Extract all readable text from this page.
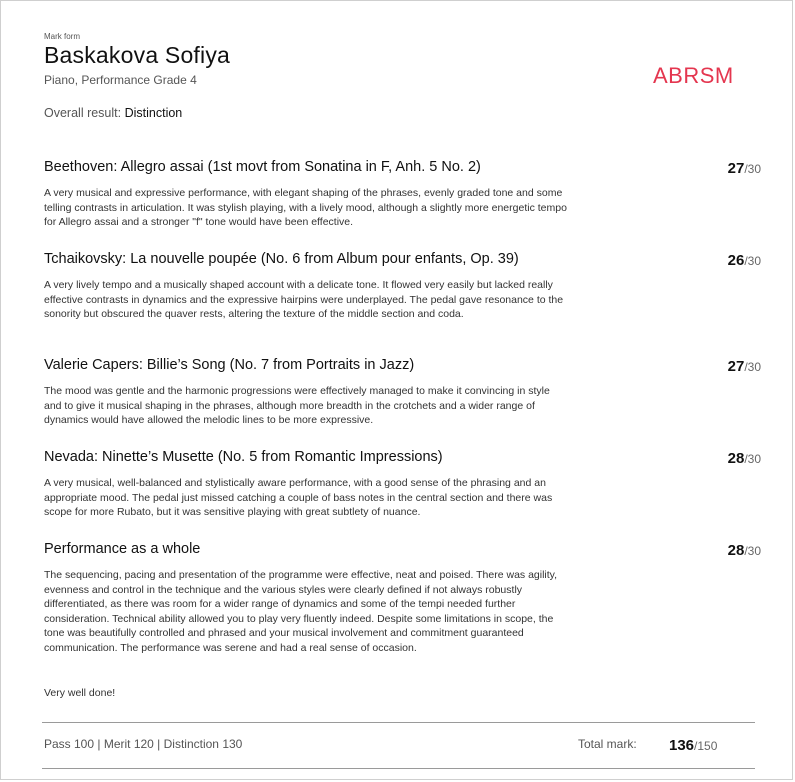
Mark form
Baskakova Sofiya
Piano, Performance Grade 4	ABRSM
Overall result: Distinction
Beethoven: Allegro assai (1st movt from Sonatina in F, Anh. 5 No. 2)	27/30
A very musical and expressive performance, with elegant shaping of the phrases, evenly graded tone and some telling contrasts in articulation. It was stylish playing, with a lively mood, although a slightly more energetic tempo for Allegro assai and a stronger "f" tone would have been effective.
Tchaikovsky: La nouvelle poupée (No. 6 from Album pour enfants, Op. 39)	26/30
A very lively tempo and a musically shaped account with a delicate tone. It flowed very easily but lacked really effective contrasts in dynamics and the expressive hairpins were underplayed. The pedal gave resonance to the sonority but obscured the quaver rests, altering the texture of the middle section and coda.
Valerie Capers: Billie’s Song (No. 7 from Portraits in Jazz)	27/30
The mood was gentle and the harmonic progressions were effectively managed to make it convincing in style and to give it musical shaping in the phrases, although more breadth in the crotchets and a wider range of dynamics would have allowed the melodic lines to be more expressive.
Nevada: Ninette’s Musette (No. 5 from Romantic Impressions)	28/30
A very musical, well-balanced and stylistically aware performance, with a good sense of the phrasing and an appropriate mood. The pedal just missed catching a couple of bass notes in the central section and there was scope for more Rubato, but it was sensitive playing with great subtlety of nuance.
Performance as a whole	28/30
The sequencing, pacing and presentation of the programme were effective, neat and poised. There was agility, evenness and control in the technique and the various styles were clearly defined if not always robustly differentiated, as there was room for a wider range of dynamics and some of the tempi needed further consideration. Technical ability allowed you to play very fluently indeed. Despite some limitations in scope, the tone was beautifully controlled and phrased and your musical involvement and commitment guaranteed communication. The performance was serene and had a real sense of occasion.
Very well done!
Pass 100 | Merit 120 | Distinction 130	Total mark: 136/150
